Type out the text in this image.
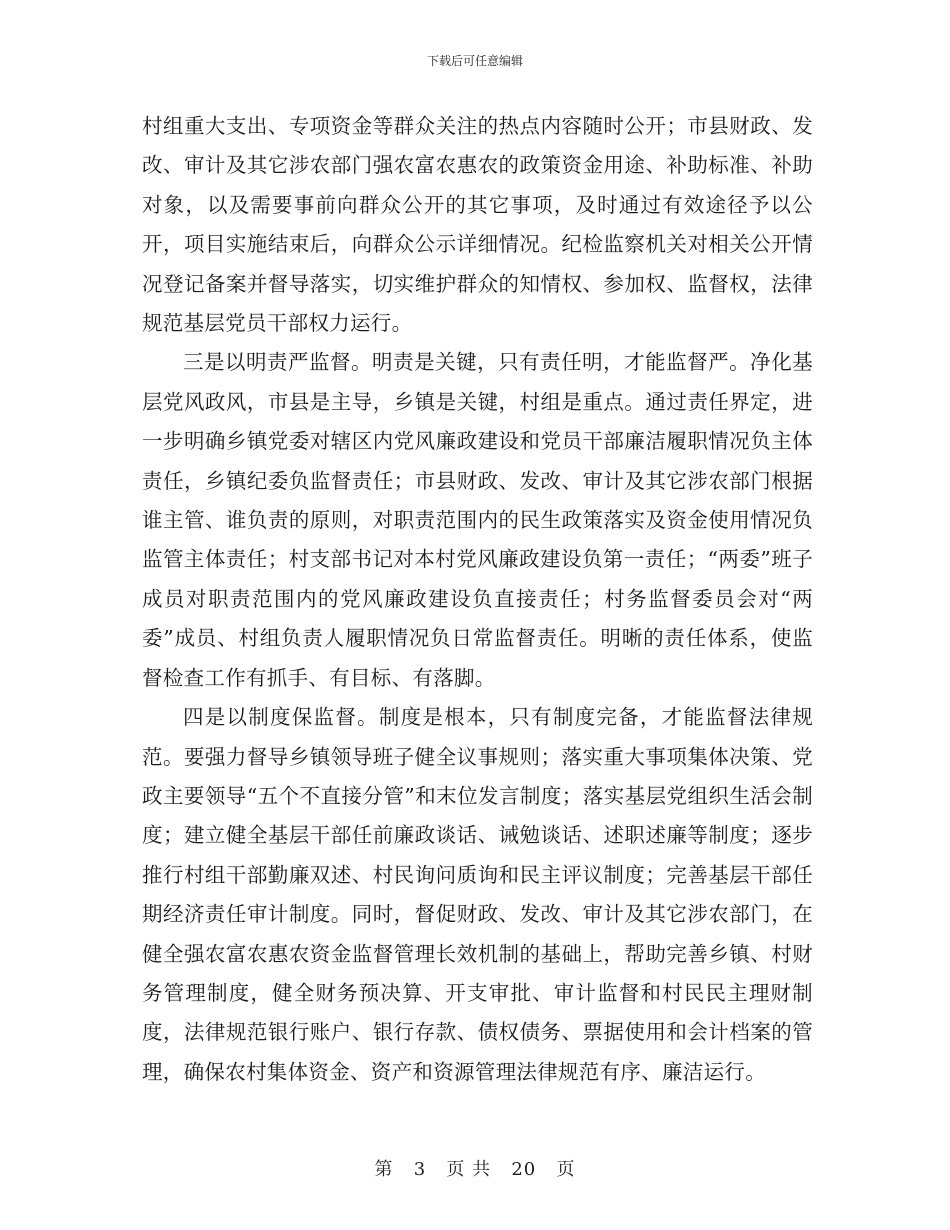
下载后可任意编辑

村组重大支出、专项资金等群众关注的热点内容随时公开；市县财政、发改、审计及其它涉农部门强农富农惠农的政策资金用途、补助标准、补助对象，以及需要事前向群众公开的其它事项，及时通过有效途径予以公开，项目实施结束后，向群众公示详细情况。纪检监察机关对相关公开情况登记备案并督导落实，切实维护群众的知情权、参加权、监督权，法律规范基层党员干部权力运行。

三是以明责严监督。明责是关键，只有责任明，才能监督严。净化基层党风政风，市县是主导，乡镇是关键，村组是重点。通过责任界定，进一步明确乡镇党委对辖区内党风廉政建设和党员干部廉洁履职情况负主体责任，乡镇纪委负监督责任；市县财政、发改、审计及其它涉农部门根据谁主管、谁负责的原则，对职责范围内的民生政策落实及资金使用情况负监管主体责任；村支部书记对本村党风廉政建设负第一责任；“两委”班子成员对职责范围内的党风廉政建设负直接责任；村务监督委员会对“两委”成员、村组负责人履职情况负日常监督责任。明晰的责任体系，使监督检查工作有抓手、有目标、有落脚。

四是以制度保监督。制度是根本，只有制度完备，才能监督法律规范。要强力督导乡镇领导班子健全议事规则；落实重大事项集体决策、党政主要领导“五个不直接分管”和末位发言制度；落实基层党组织生活会制度；建立健全基层干部任前廉政谈话、诫勉谈话、述职述廉等制度；逐步推行村组干部勤廉双述、村民询问质询和民主评议制度；完善基层干部任期经济责任审计制度。同时，督促财政、发改、审计及其它涉农部门，在健全强农富农惠农资金监督管理长效机制的基础上，帮助完善乡镇、村财务管理制度，健全财务预决算、开支审批、审计监督和村民民主理财制度，法律规范银行账户、银行存款、债权债务、票据使用和会计档案的管理，确保农村集体资金、资产和资源管理法律规范有序、廉洁运行。

第 3 页 共 20 页
